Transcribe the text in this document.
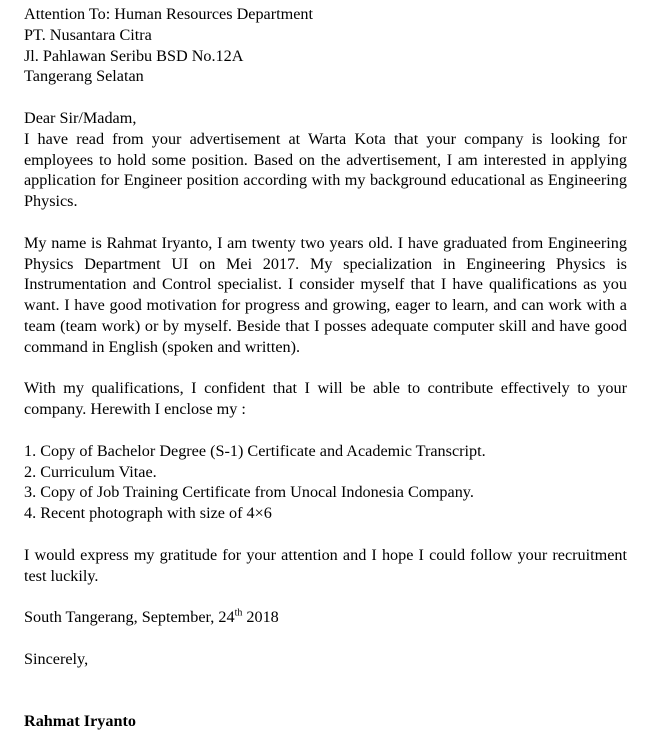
Attention To: Human Resources Department
PT. Nusantara Citra
Jl. Pahlawan Seribu BSD No.12A
Tangerang Selatan
Dear Sir/Madam,
I have read from your advertisement at Warta Kota that your company is looking for employees to hold some position. Based on the advertisement, I am interested in applying application for Engineer position according with my background educational as Engineering Physics.
My name is Rahmat Iryanto, I am twenty two years old. I have graduated from Engineering Physics Department UI on Mei 2017. My specialization in Engineering Physics is Instrumentation and Control specialist. I consider myself that I have qualifications as you want. I have good motivation for progress and growing, eager to learn, and can work with a team (team work) or by myself. Beside that I posses adequate computer skill and have good command in English (spoken and written).
With my qualifications, I confident that I will be able to contribute effectively to your company. Herewith I enclose my :
1. Copy of Bachelor Degree (S-1) Certificate and Academic Transcript.
2. Curriculum Vitae.
3. Copy of Job Training Certificate from Unocal Indonesia Company.
4. Recent photograph with size of 4×6
I would express my gratitude for your attention and I hope I could follow your recruitment test luckily.
South Tangerang, September, 24th 2018
Sincerely,
Rahmat Iryanto
